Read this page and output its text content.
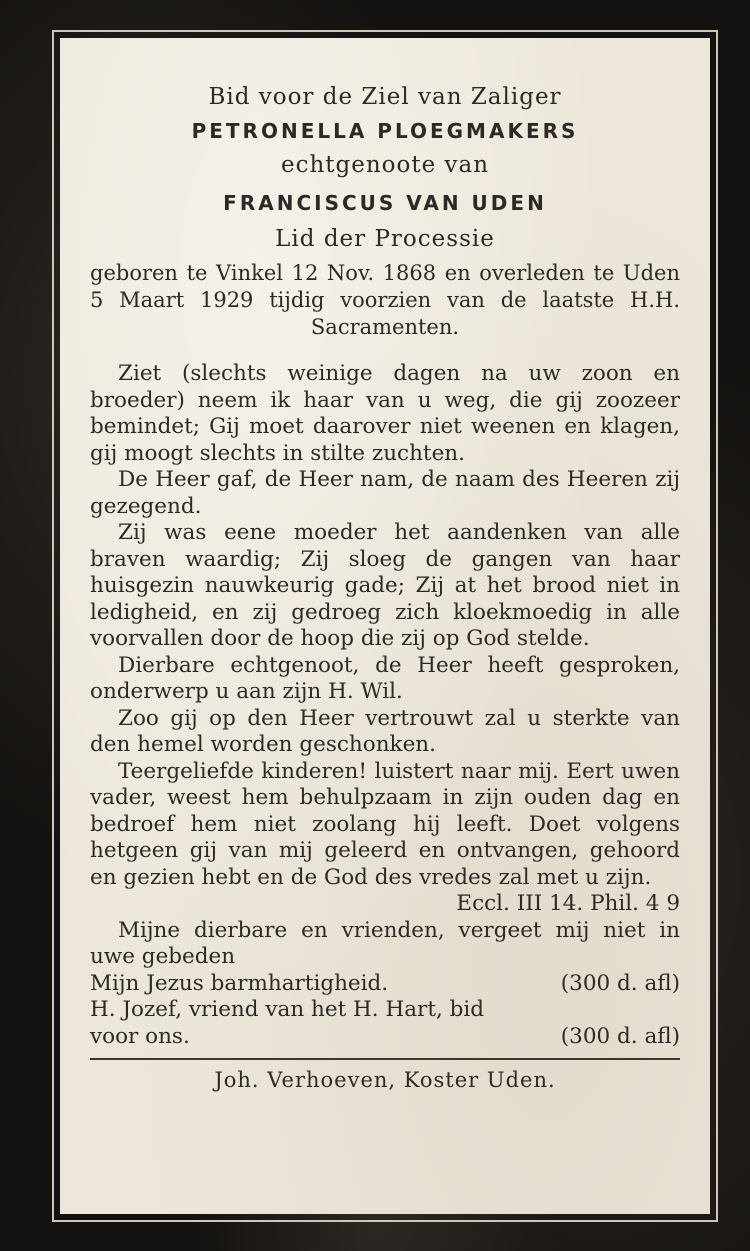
Bid voor de Ziel van Zaliger
PETRONELLA PLOEGMAKERS
echtgenoote van
FRANCISCUS VAN UDEN
Lid der Processie
geboren te Vinkel 12 Nov. 1868 en overleden te Uden 5 Maart 1929 tijdig voorzien van de laatste H.H. Sacramenten.

Ziet (slechts weinige dagen na uw zoon en broeder) neem ik haar van u weg, die gij zoozeer bemindet; Gij moet daarover niet weenen en klagen, gij moogt slechts in stilte zuchten.

De Heer gaf, de Heer nam, de naam des Heeren zij gezegend.

Zij was eene moeder het aandenken van alle braven waardig; Zij sloeg de gangen van haar huisgezin nauwkeurig gade; Zij at het brood niet in ledigheid, en zij gedroeg zich kloekmoedig in alle voorvallen door de hoop die zij op God stelde.

Dierbare echtgenoot, de Heer heeft gesproken, onderwerp u aan zijn H. Wil.

Zoo gij op den Heer vertrouwt zal u sterkte van den hemel worden geschonken.

Teergeliefde kinderen! luistert naar mij. Eert uwen vader, weest hem behulpzaam in zijn ouden dag en bedroef hem niet zoolang hij leeft. Doet volgens hetgeen gij van mij geleerd en ontvangen, gehoord en gezien hebt en de God des vredes zal met u zijn.

Eccl. III 14. Phil. 4 9

Mijne dierbare en vrienden, vergeet mij niet in uwe gebeden

Mijn Jezus barmhartigheid.	(300 d. afl)
H. Jozef, vriend van het H. Hart, bid
voor ons.	(300 d. afl)
Joh. Verhoeven, Koster Uden.
